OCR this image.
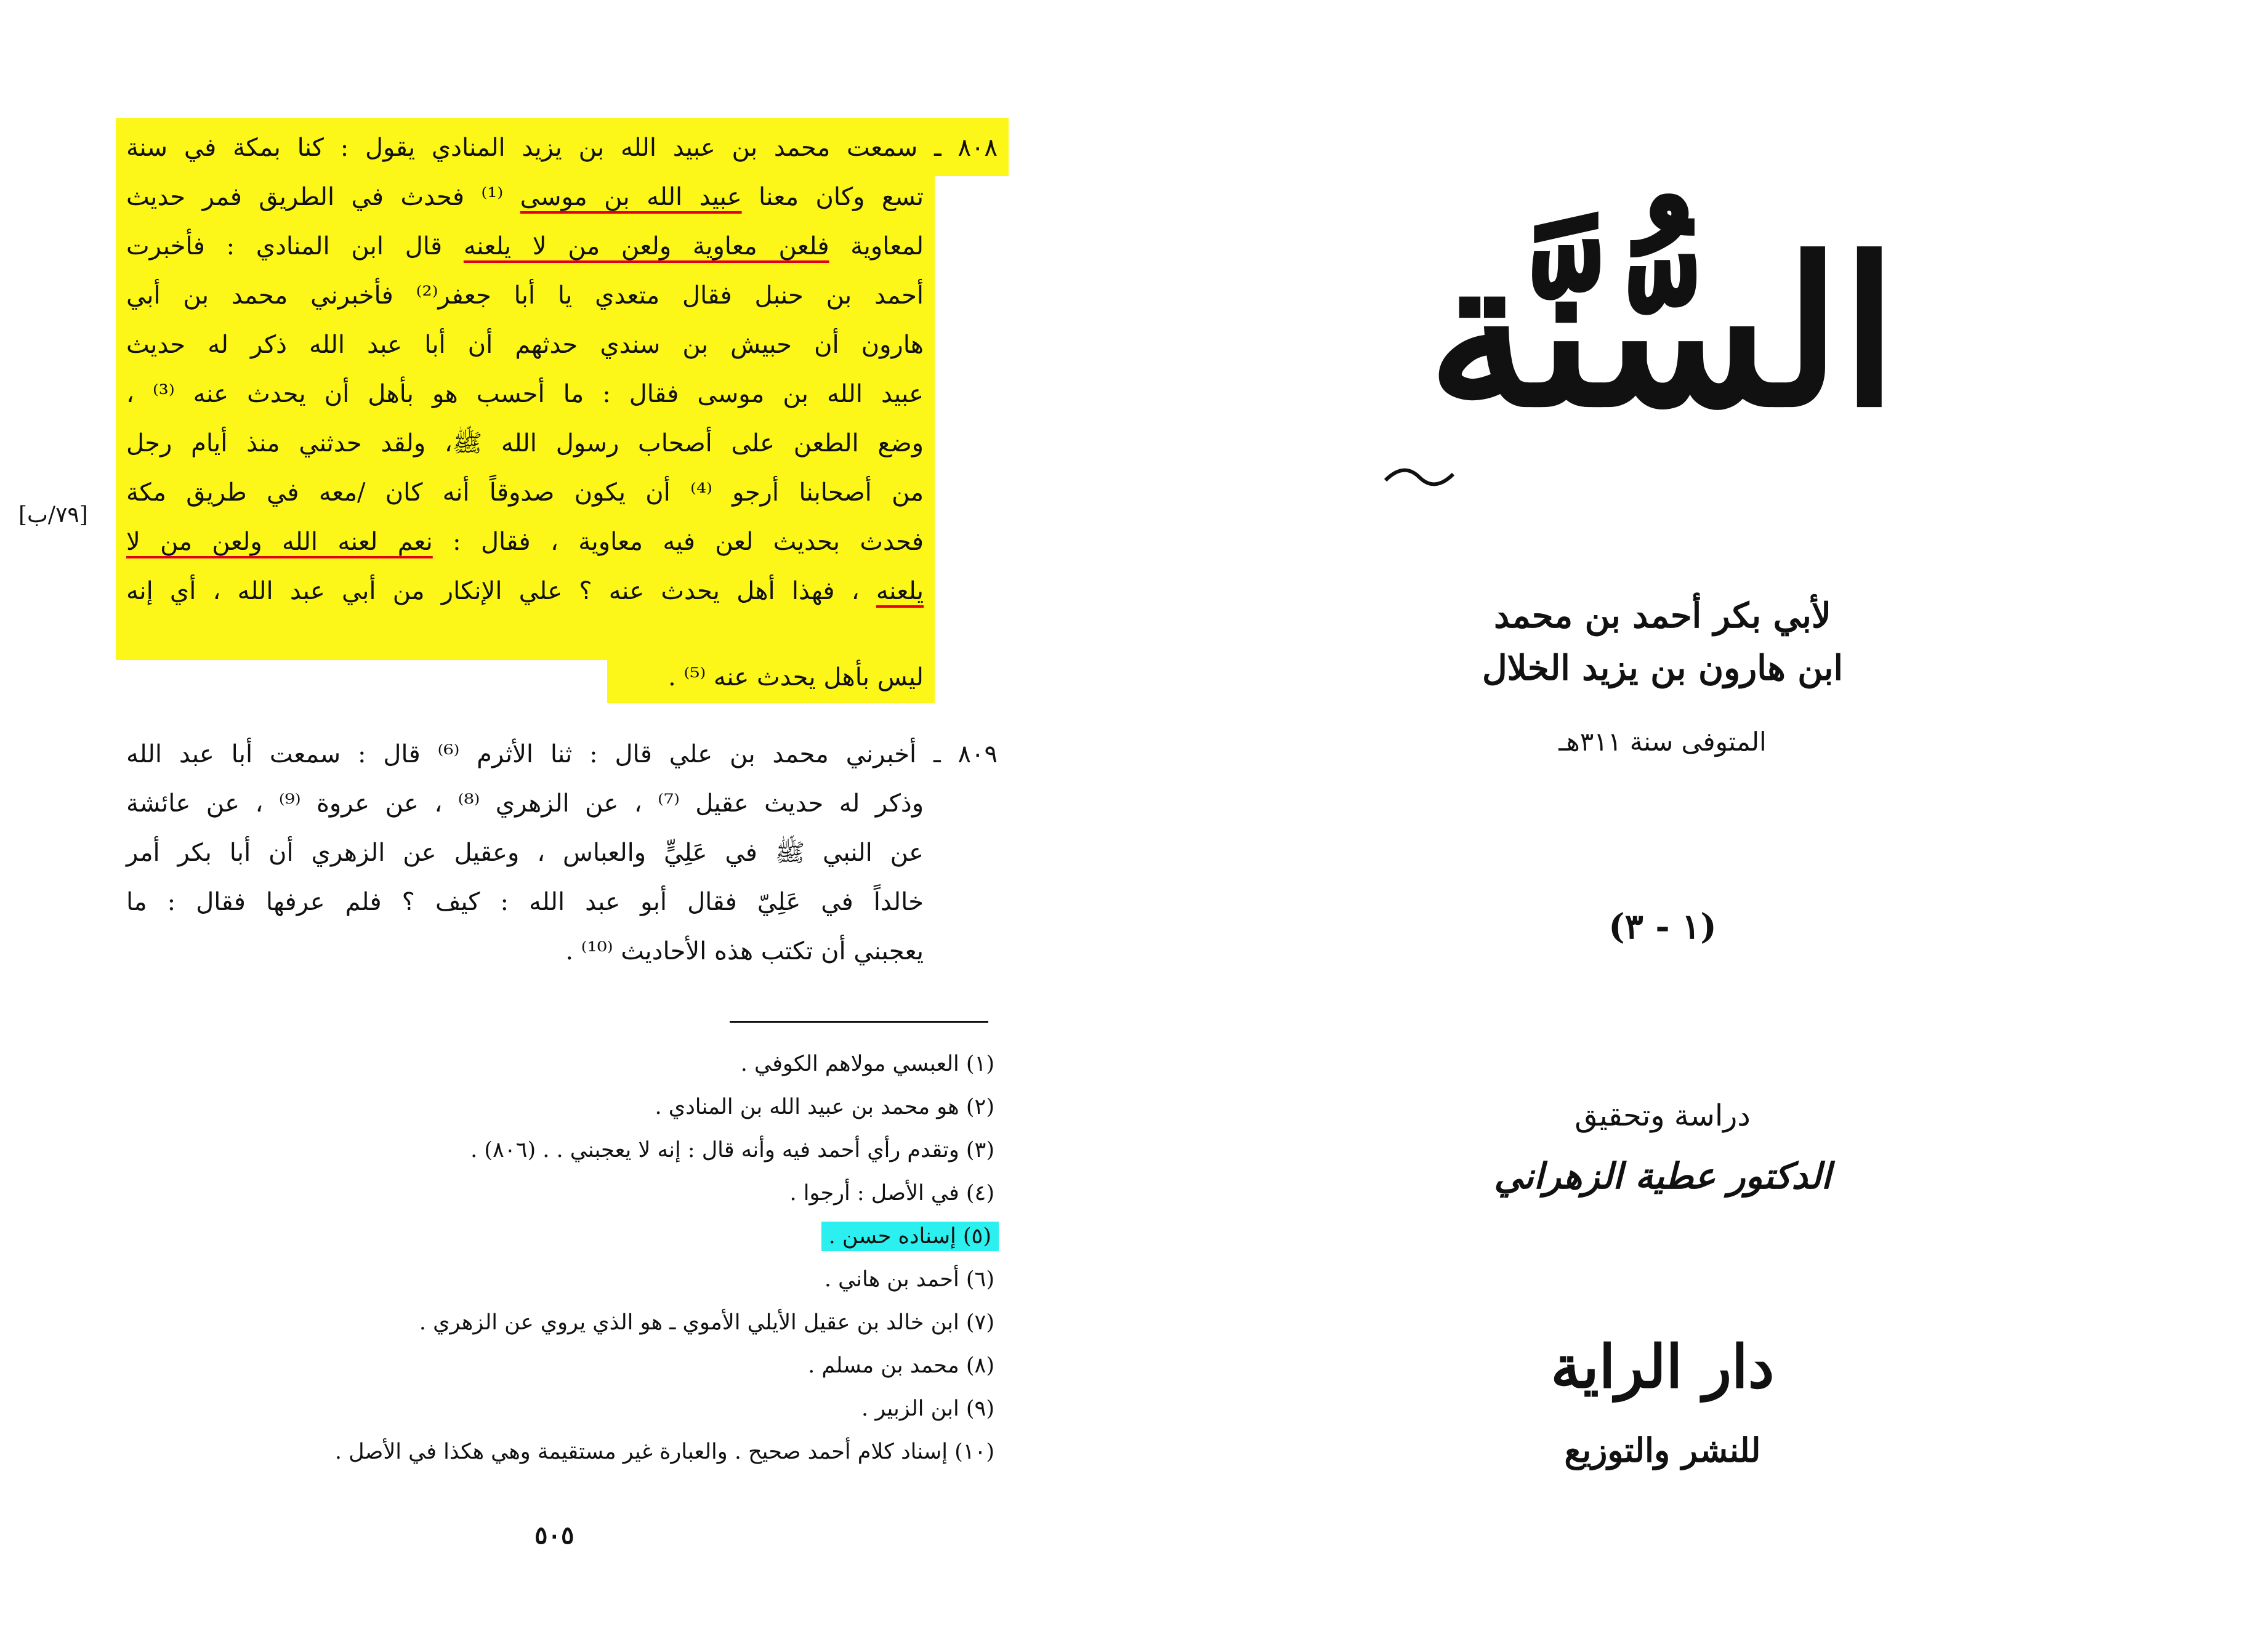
٨٠٨ ـ سمعت محمد بن عبيد الله بن يزيد المنادي يقول : كنا بمكة في سنة
تسع وكان معنا عبيد الله بن موسى ⁽¹⁾ فحدث في الطريق فمر حديث
لمعاوية فلعن معاوية ولعن من لا يلعنه قال ابن المنادي : فأخبرت
أحمد بن حنبل فقال متعدي يا أبا جعفر⁽²⁾ فأخبرني محمد بن أبي
هارون أن حبيش بن سندي حدثهم أن أبا عبد الله ذكر له حديث
عبيد الله بن موسى فقال : ما أحسب هو بأهل أن يحدث عنه ⁽³⁾ ،
وضع الطعن على أصحاب رسول الله ﷺ، ولقد حدثني منذ أيام رجل
من أصحابنا أرجو ⁽⁴⁾ أن يكون صدوقاً أنه كان /معه في طريق مكة
فحدث بحديث لعن فيه معاوية ، فقال : نعم لعنه الله ولعن من لا
يلعنه ، فهذا أهل يحدث عنه ؟ علي الإنكار من أبي عبد الله ، أي إنه
ليس بأهل يحدث عنه ⁽⁵⁾ .
[٧٩/ب]
٨٠٩ ـ أخبرني محمد بن علي قال : ثنا الأثرم ⁽⁶⁾ قال : سمعت أبا عبد الله
وذكر له حديث عقيل ⁽⁷⁾ ، عن الزهري ⁽⁸⁾ ، عن عروة ⁽⁹⁾ ، عن عائشة
عن النبي ﷺ في عَلِيٍّ والعباس ، وعقيل عن الزهري أن أبا بكر أمر
خالداً في عَلِيّ فقال أبو عبد الله : كيف ؟ فلم عرفها فقال : ما
يعجبني أن تكتب هذه الأحاديث ⁽¹⁰⁾ .
(١) العبسي مولاهم الكوفي .
(٢) هو محمد بن عبيد الله بن المنادي .
(٣) وتقدم رأي أحمد فيه وأنه قال : إنه لا يعجبني . . (٨٠٦) .
(٤) في الأصل : أرجوا .
(٥) إسناده حسن .
(٦) أحمد بن هاني .
(٧) ابن خالد بن عقيل الأيلي الأموي ـ هو الذي يروي عن الزهري .
(٨) محمد بن مسلم .
(٩) ابن الزبير .
(١٠) إسناد كلام أحمد صحيح . والعبارة غير مستقيمة وهي هكذا في الأصل .
٥٠٥
السُّنَّة
لأبي بكر أحمد بن محمد
ابن هارون بن يزيد الخلال
المتوفى سنة ٣١١هـ
(١ - ٣)
دراسة وتحقيق
الدكتور عطية الزهراني
دار الراية
للنشر والتوزيع
